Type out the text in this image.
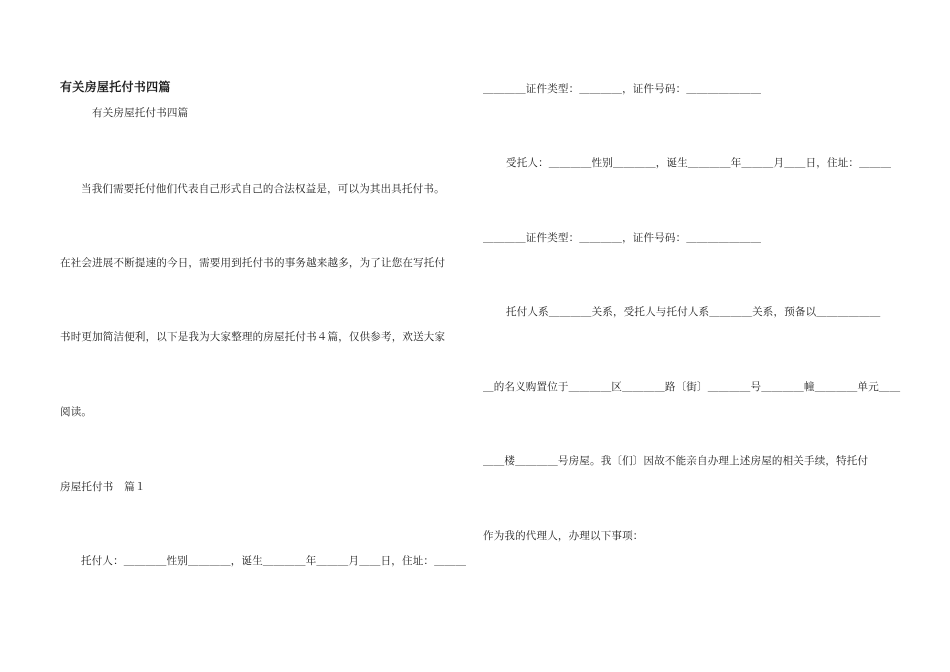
有关房屋托付书四篇
有关房屋托付书四篇
当我们需要托付他们代表自己形式自己的合法权益是，可以为其出具托付书。
在社会进展不断提速的今日，需要用到托付书的事务越来越多，为了让您在写托付
书时更加简洁便利，以下是我为大家整理的房屋托付书４篇，仅供参考，欢送大家
阅读。
房屋托付书　篇１
托付人：＿＿＿＿性别＿＿＿＿，诞生＿＿＿＿年＿＿＿月＿＿日，住址：＿＿＿
＿＿＿＿证件类型：＿＿＿＿，证件号码：＿＿＿＿＿＿＿
受托人：＿＿＿＿性别＿＿＿＿，诞生＿＿＿＿年＿＿＿月＿＿日，住址：＿＿＿
＿＿＿＿证件类型：＿＿＿＿，证件号码：＿＿＿＿＿＿＿
托付人系＿＿＿＿关系，受托人与托付人系＿＿＿＿关系，预备以＿＿＿＿＿＿
＿的名义购置位于＿＿＿＿区＿＿＿＿路〔街〕＿＿＿＿号＿＿＿＿幢＿＿＿＿单元＿＿
＿＿楼＿＿＿＿号房屋。我〔们〕因故不能亲自办理上述房屋的相关手续，特托付
作为我的代理人，办理以下事项：
